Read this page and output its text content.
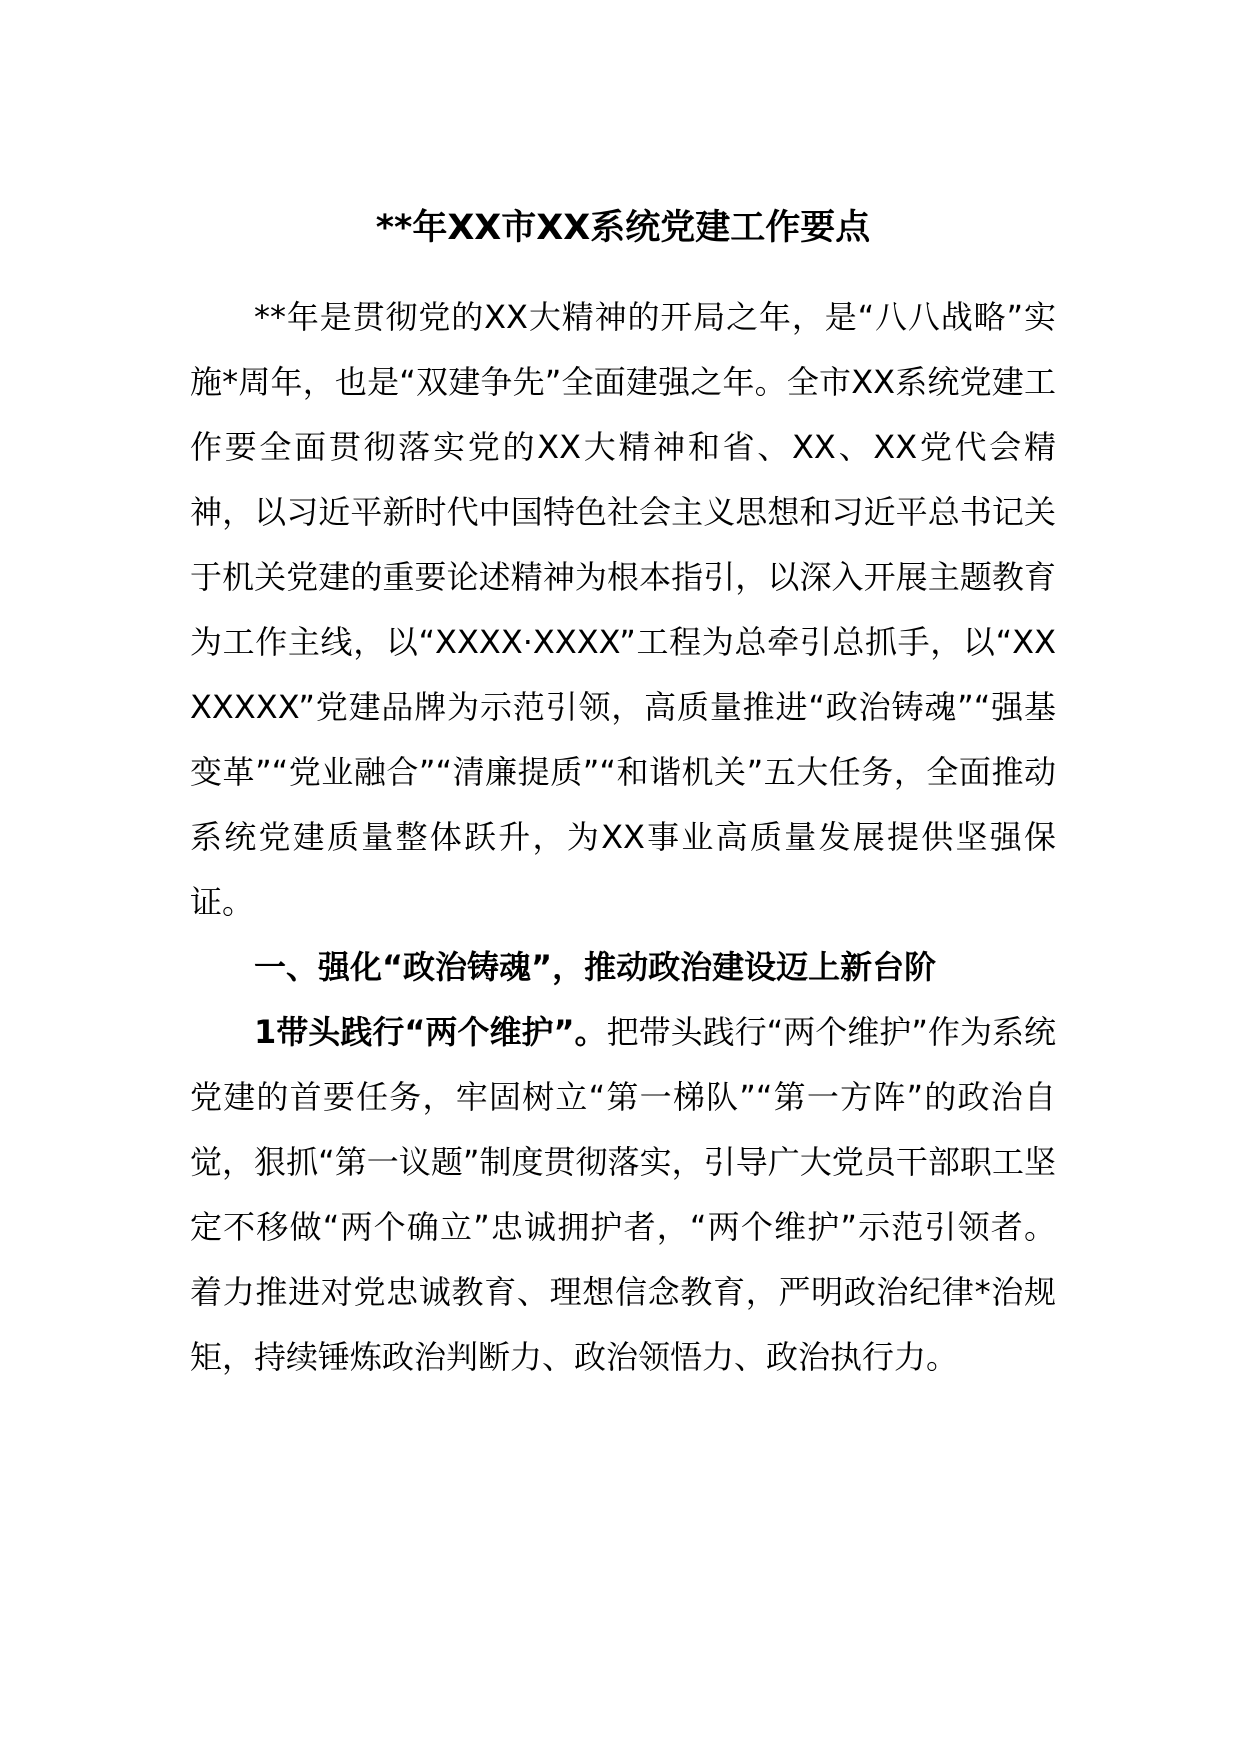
**年XX市XX系统党建工作要点

**年是贯彻党的XX大精神的开局之年，是“八八战略”实施*周年，也是“双建争先”全面建强之年。全市XX系统党建工作要全面贯彻落实党的XX大精神和省、XX、XX党代会精神，以习近平新时代中国特色社会主义思想和习近平总书记关于机关党建的重要论述精神为根本指引，以深入开展主题教育为工作主线，以“XXXX·XXXX”工程为总牵引总抓手，以“XXXXXXX”党建品牌为示范引领，高质量推进“政治铸魂”“强基变革”“党业融合”“清廉提质”“和谐机关”五大任务，全面推动系统党建质量整体跃升，为XX事业高质量发展提供坚强保证。

一、强化“政治铸魂”，推动政治建设迈上新台阶

1带头践行“两个维护”。把带头践行“两个维护”作为系统党建的首要任务，牢固树立“第一梯队”“第一方阵”的政治自觉，狠抓“第一议题”制度贯彻落实，引导广大党员干部职工坚定不移做“两个确立”忠诚拥护者，“两个维护”示范引领者。着力推进对党忠诚教育、理想信念教育，严明政治纪律*治规矩，持续锤炼政治判断力、政治领悟力、政治执行力。
